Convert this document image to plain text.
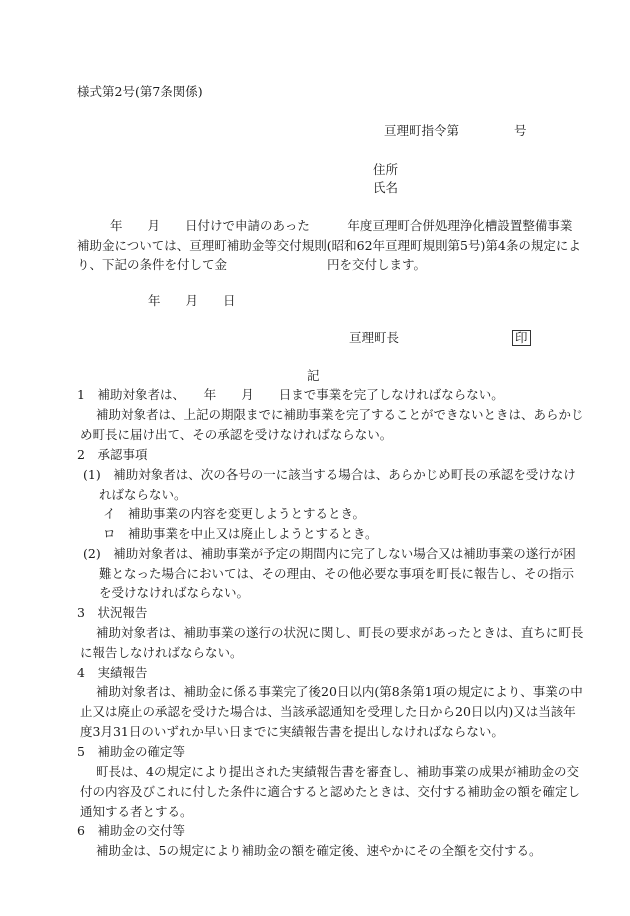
様式第2号(第7条関係)
亘理町指令第	号
住所
氏名
年　　月　　日付けで申請のあった　　　年度亘理町合併処理浄化槽設置整備事業
補助金については、亘理町補助金等交付規則(昭和62年亘理町規則第5号)第4条の規定によ
り、下記の条件を付して金　　　　　　　　円を交付します。
年　　月　　日
亘理町長	印
記
1　補助対象者は、　　年　　月　　日まで事業を完了しなければならない。
補助対象者は、上記の期限までに補助事業を完了することができないときは、あらかじ
め町長に届け出て、その承認を受けなければならない。
2　承認事項
(1)　補助対象者は、次の各号の一に該当する場合は、あらかじめ町長の承認を受けなけ
ればならない。
イ　補助事業の内容を変更しようとするとき。
ロ　補助事業を中止又は廃止しようとするとき。
(2)　補助対象者は、補助事業が予定の期間内に完了しない場合又は補助事業の遂行が困
難となった場合においては、その理由、その他必要な事項を町長に報告し、その指示
を受けなければならない。
3　状況報告
補助対象者は、補助事業の遂行の状況に関し、町長の要求があったときは、直ちに町長
に報告しなければならない。
4　実績報告
補助対象者は、補助金に係る事業完了後20日以内(第8条第1項の規定により、事業の中
止又は廃止の承認を受けた場合は、当該承認通知を受理した日から20日以内)又は当該年
度3月31日のいずれか早い日までに実績報告書を提出しなければならない。
5　補助金の確定等
町長は、4の規定により提出された実績報告書を審査し、補助事業の成果が補助金の交
付の内容及びこれに付した条件に適合すると認めたときは、交付する補助金の額を確定し
通知する者とする。
6　補助金の交付等
補助金は、5の規定により補助金の額を確定後、速やかにその全額を交付する。
